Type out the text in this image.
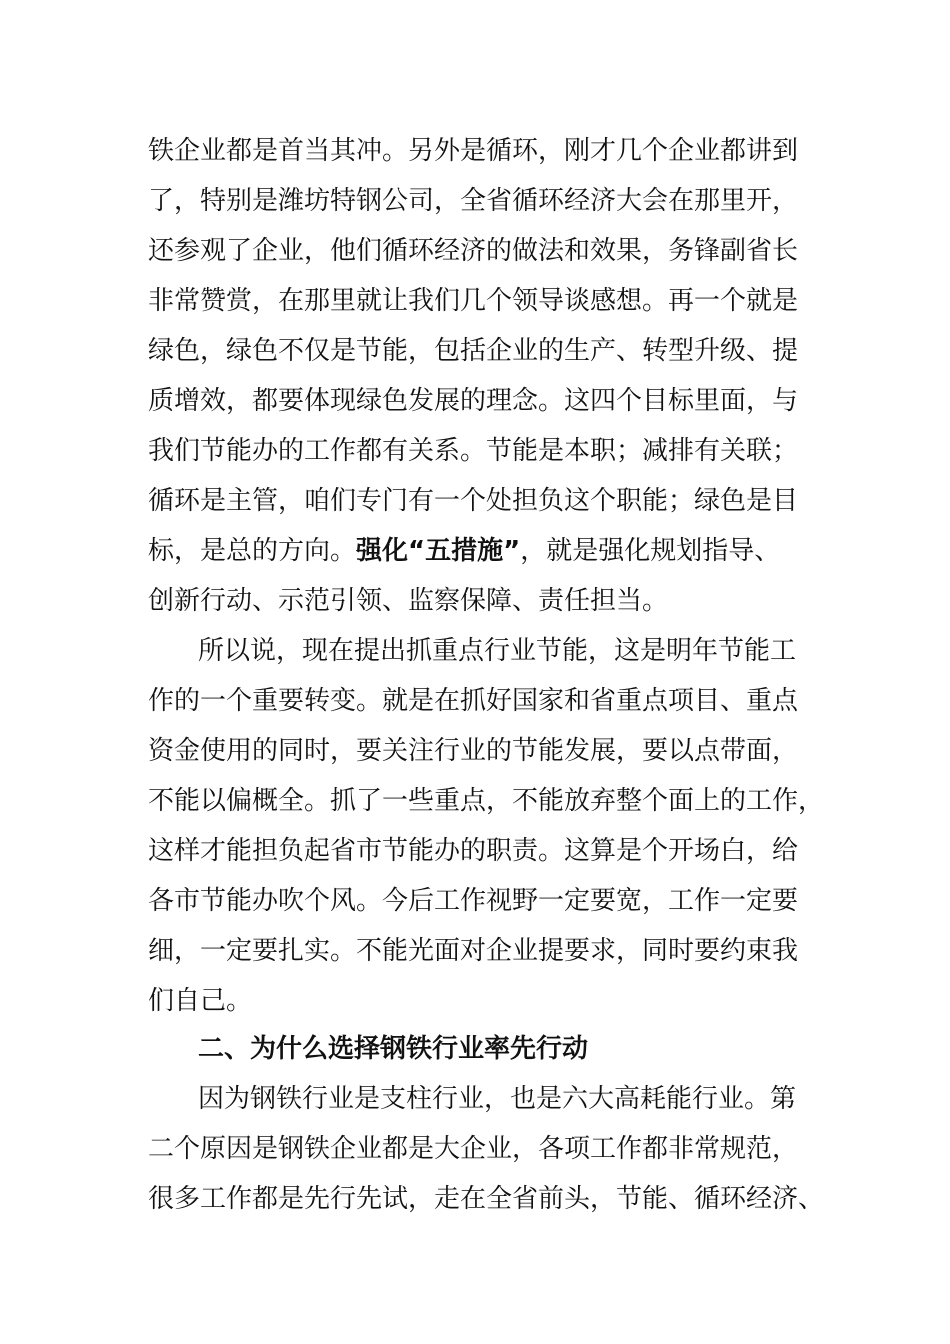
铁企业都是首当其冲。另外是循环，刚才几个企业都讲到
了，特别是潍坊特钢公司，全省循环经济大会在那里开，
还参观了企业，他们循环经济的做法和效果，务锋副省长
非常赞赏，在那里就让我们几个领导谈感想。再一个就是
绿色，绿色不仅是节能，包括企业的生产、转型升级、提
质增效，都要体现绿色发展的理念。这四个目标里面，与
我们节能办的工作都有关系。节能是本职；减排有关联；
循环是主管，咱们专门有一个处担负这个职能；绿色是目
标，是总的方向。强化“五措施”，就是强化规划指导、
创新行动、示范引领、监察保障、责任担当。
所以说，现在提出抓重点行业节能，这是明年节能工
作的一个重要转变。就是在抓好国家和省重点项目、重点
资金使用的同时，要关注行业的节能发展，要以点带面，
不能以偏概全。抓了一些重点，不能放弃整个面上的工作，
这样才能担负起省市节能办的职责。这算是个开场白，给
各市节能办吹个风。今后工作视野一定要宽，工作一定要
细，一定要扎实。不能光面对企业提要求，同时要约束我
们自己。
二、为什么选择钢铁行业率先行动
因为钢铁行业是支柱行业，也是六大高耗能行业。第
二个原因是钢铁企业都是大企业，各项工作都非常规范，
很多工作都是先行先试，走在全省前头，节能、循环经济、
